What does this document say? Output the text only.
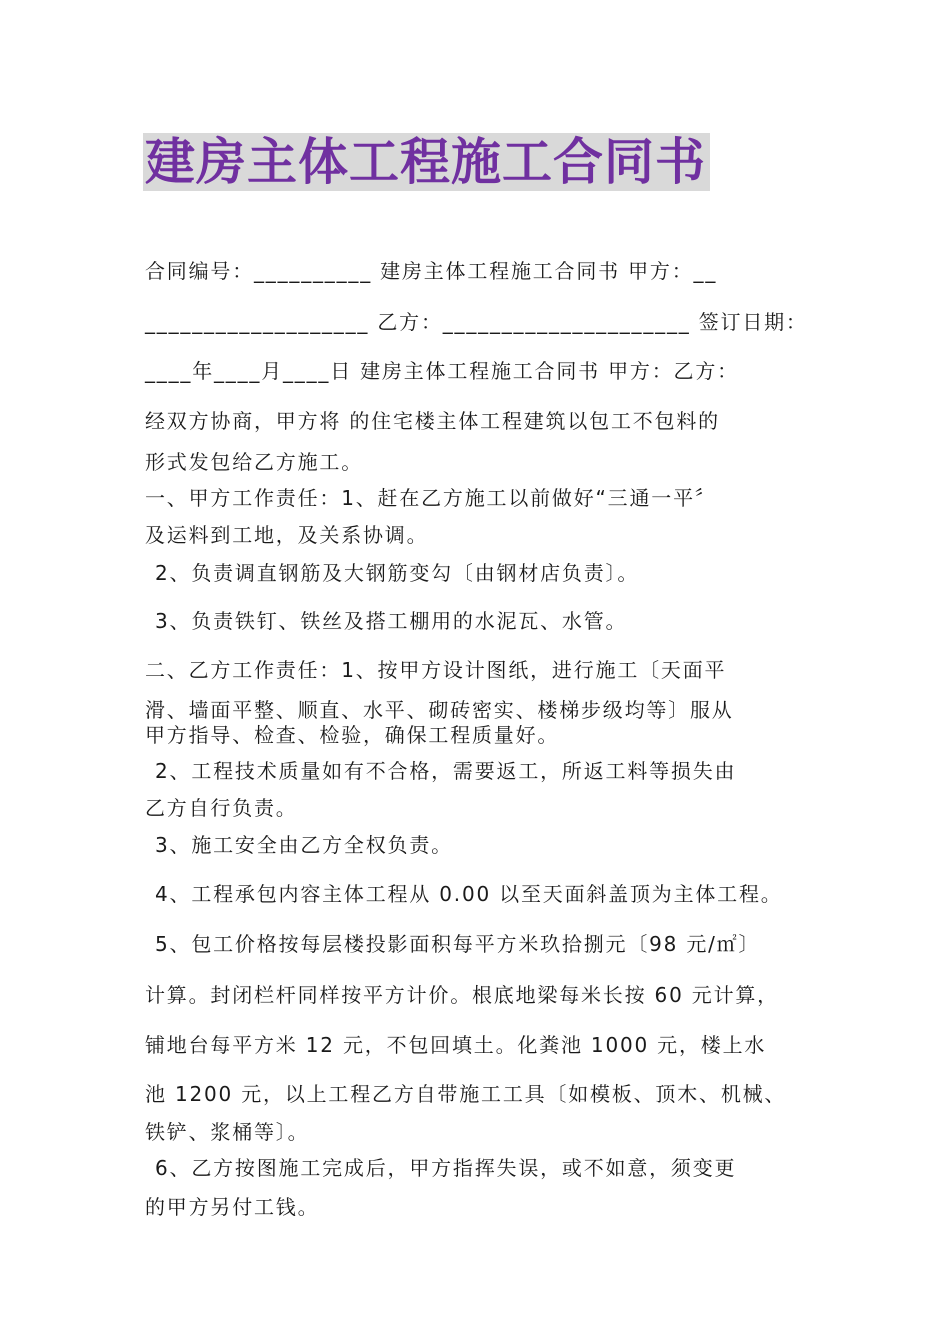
建房主体工程施工合同书
合同编号：__________ 建房主体工程施工合同书 甲方：__
___________________ 乙方：_____________________ 签订日期：
____年____月____日 建房主体工程施工合同书 甲方：乙方：
经双方协商，甲方将 的住宅楼主体工程建筑以包工不包料的
形式发包给乙方施工。
一、甲方工作责任：1、赶在乙方施工以前做好“三通一平〞
及运料到工地，及关系协调。
2、负责调直钢筋及大钢筋变勾〔由钢材店负责〕。
3、负责铁钉、铁丝及搭工棚用的水泥瓦、水管。
二、乙方工作责任：1、按甲方设计图纸，进行施工〔天面平
滑、墙面平整、顺直、水平、砌砖密实、楼梯步级均等〕服从
甲方指导、检查、检验，确保工程质量好。
2、工程技术质量如有不合格，需要返工，所返工料等损失由
乙方自行负责。
3、施工安全由乙方全权负责。
4、工程承包内容主体工程从 0.00 以至天面斜盖顶为主体工程。
5、包工价格按每层楼投影面积每平方米玖拾捌元〔98 元/㎡〕
计算。封闭栏杆同样按平方计价。根底地梁每米长按 60 元计算，
铺地台每平方米 12 元，不包回填土。化粪池 1000 元，楼上水
池 1200 元，以上工程乙方自带施工工具〔如模板、顶木、机械、
铁铲、浆桶等〕。
6、乙方按图施工完成后，甲方指挥失误，或不如意，须变更
的甲方另付工钱。
